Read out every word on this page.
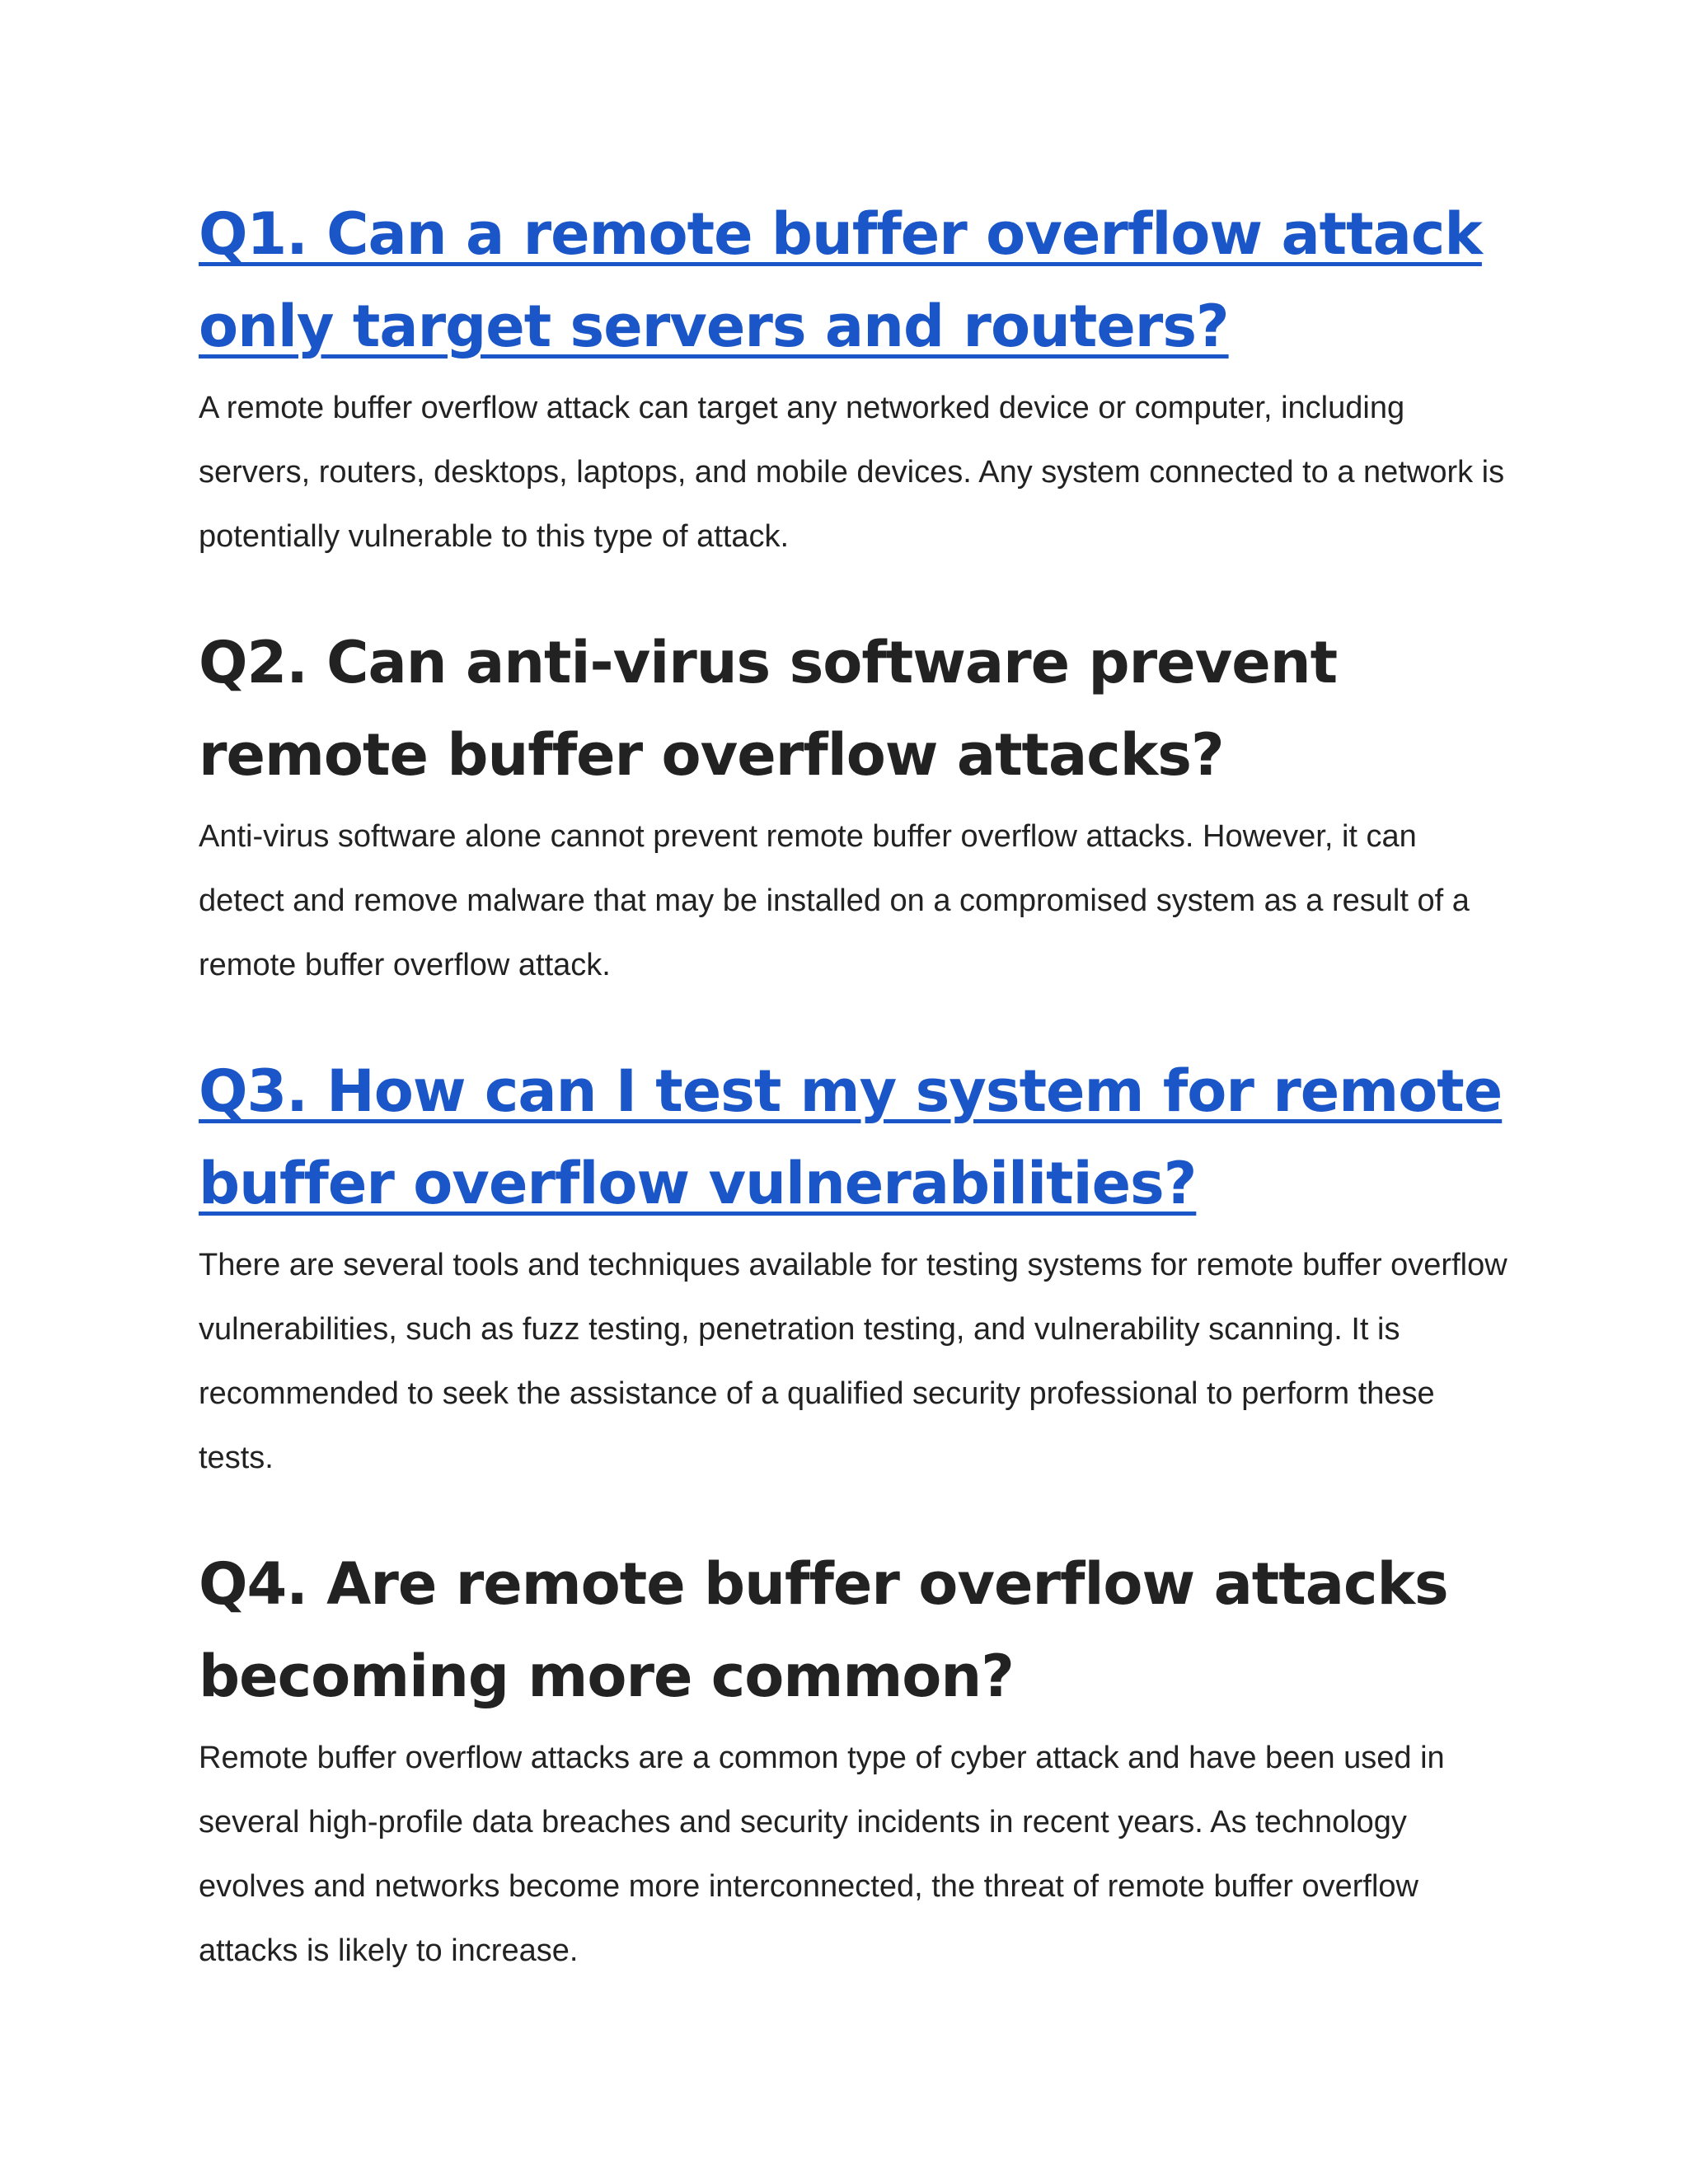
Q1. Can a remote buffer overflow attack only target servers and routers?

A remote buffer overflow attack can target any networked device or computer, including servers, routers, desktops, laptops, and mobile devices. Any system connected to a network is potentially vulnerable to this type of attack.

Q2. Can anti-virus software prevent remote buffer overflow attacks?

Anti-virus software alone cannot prevent remote buffer overflow attacks. However, it can detect and remove malware that may be installed on a compromised system as a result of a remote buffer overflow attack.

Q3. How can I test my system for remote buffer overflow vulnerabilities?

There are several tools and techniques available for testing systems for remote buffer overflow vulnerabilities, such as fuzz testing, penetration testing, and vulnerability scanning. It is recommended to seek the assistance of a qualified security professional to perform these tests.

Q4. Are remote buffer overflow attacks becoming more common?

Remote buffer overflow attacks are a common type of cyber attack and have been used in several high-profile data breaches and security incidents in recent years. As technology evolves and networks become more interconnected, the threat of remote buffer overflow attacks is likely to increase.
